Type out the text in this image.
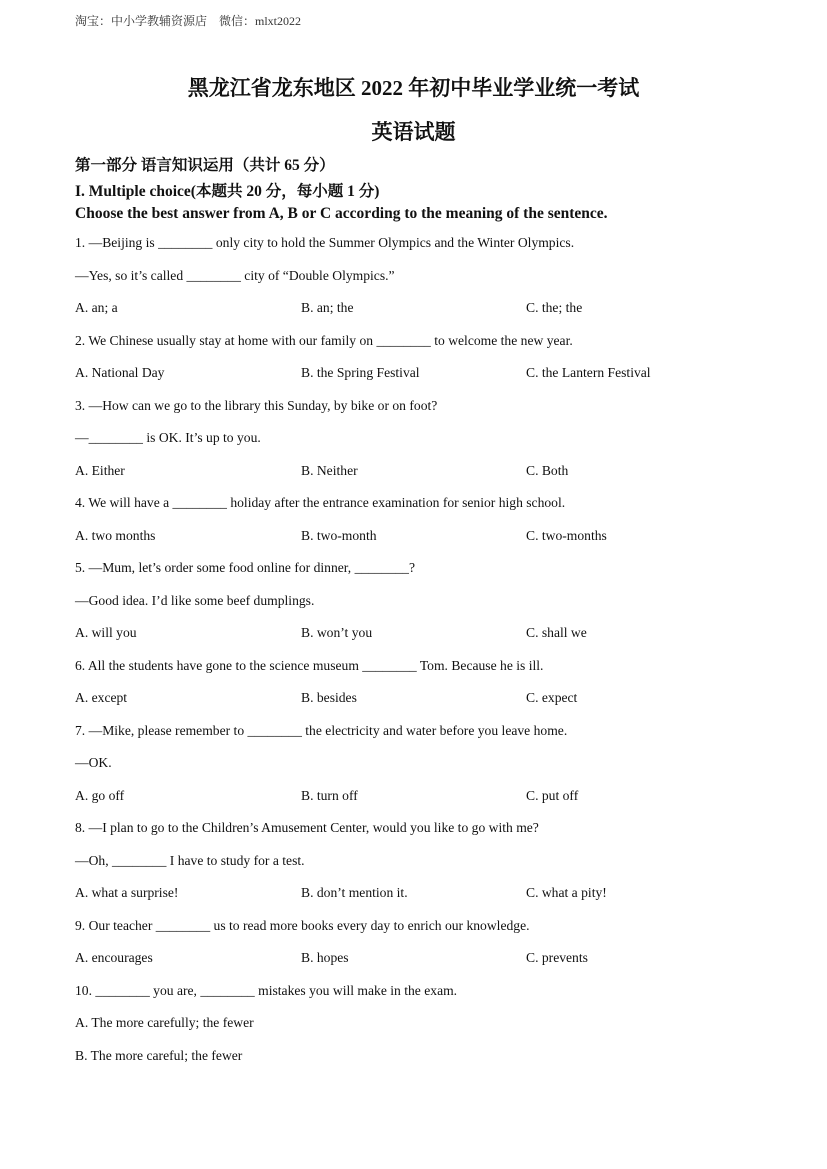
淘宝：中小学教辅资源店    微信：mlxt2022
黑龙江省龙东地区 2022 年初中毕业学业统一考试
英语试题
第一部分 语言知识运用（共计 65 分）
I. Multiple choice(本题共 20 分，每小题 1 分)
Choose the best answer from A, B or C according to the meaning of the sentence.
1. —Beijing is ________ only city to hold the Summer Olympics and the Winter Olympics.
—Yes, so it’s called ________ city of “Double Olympics.”
A. an; a	B. an; the	C. the; the
2. We Chinese usually stay at home with our family on ________ to welcome the new year.
A. National Day	B. the Spring Festival	C. the Lantern Festival
3. —How can we go to the library this Sunday, by bike or on foot?
—________ is OK. It’s up to you.
A. Either	B. Neither	C. Both
4. We will have a ________ holiday after the entrance examination for senior high school.
A. two months	B. two-month	C. two-months
5. —Mum, let’s order some food online for dinner, ________?
—Good idea. I’d like some beef dumplings.
A. will you	B. won’t you	C. shall we
6. All the students have gone to the science museum ________ Tom. Because he is ill.
A. except	B. besides	C. expect
7. —Mike, please remember to ________ the electricity and water before you leave home.
—OK.
A. go off	B. turn off	C. put off
8. —I plan to go to the Children’s Amusement Center, would you like to go with me?
—Oh, ________ I have to study for a test.
A. what a surprise!	B. don’t mention it.	C. what a pity!
9. Our teacher ________ us to read more books every day to enrich our knowledge.
A. encourages	B. hopes	C. prevents
10. ________ you are, ________ mistakes you will make in the exam.
A. The more carefully; the fewer
B. The more careful; the fewer
